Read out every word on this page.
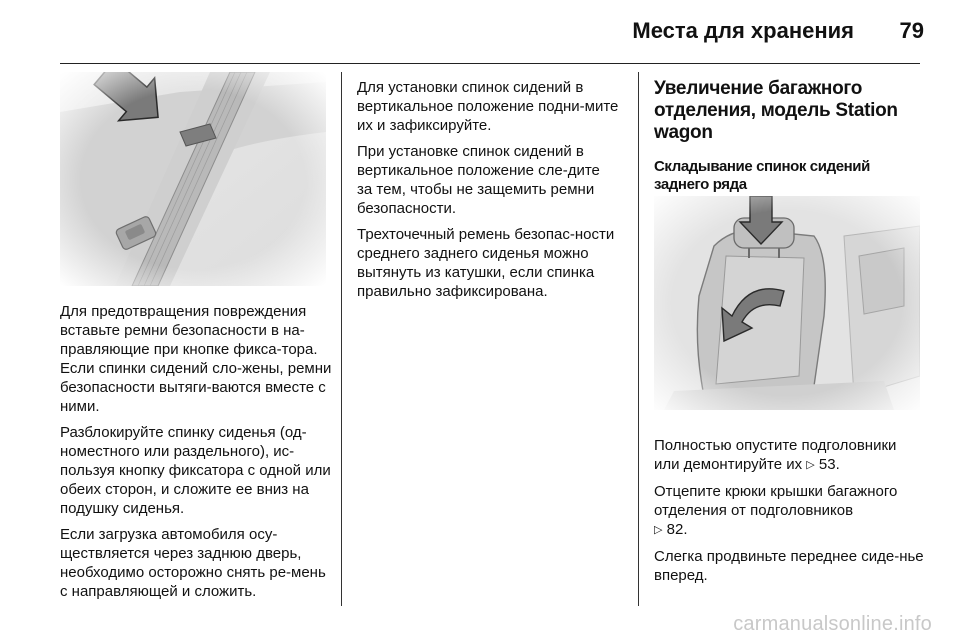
Места для хранения 79

Для предотвращения повреждения вставьте ремни безопасности в на-правляющие при кнопке фикса-тора. Если спинки сидений сло-жены, ремни безопасности вытяги-ваются вместе с ними.

Разблокируйте спинку сиденья (од-номестного или раздельного), ис-пользуя кнопку фиксатора с одной или обеих сторон, и сложите ее вниз на подушку сиденья.

Если загрузка автомобиля осу-ществляется через заднюю дверь, необходимо осторожно снять ре-мень с направляющей и сложить.

Для установки спинок сидений в вертикальное положение подни-мите их и зафиксируйте.

При установке спинок сидений в вертикальное положение сле-дите за тем, чтобы не защемить ремни безопасности.

Трехточечный ремень безопас-ности среднего заднего сиденья можно вытянуть из катушки, если спинка правильно зафиксирована.

Увеличение багажного отделения, модель Station wagon
Складывание спинок сидений заднего ряда

Полностью опустите подголовники или демонтируйте их ▷ 53.

Отцепите крюки крышки багажного отделения от подголовников
▷ 82.

Слегка продвиньте переднее сиде-нье вперед.

carmanualsonline.info
